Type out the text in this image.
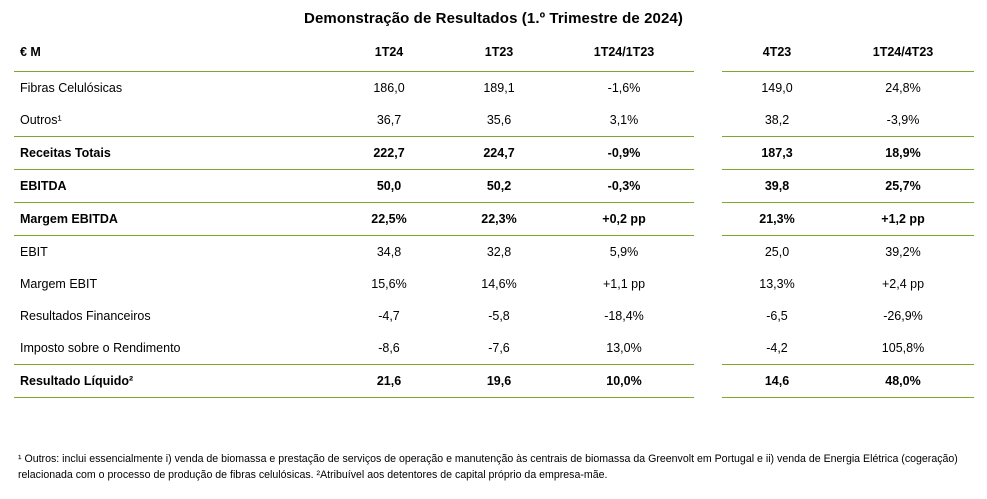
Demonstração de Resultados (1.º Trimestre de 2024)
€ M	1T24	1T23	1T24/1T23		4T23	1T24/4T23
Fibras Celulósicas	186,0	189,1	-1,6%		149,0	24,8%
Outros¹	36,7	35,6	3,1%		38,2	-3,9%
Receitas Totais	222,7	224,7	-0,9%		187,3	18,9%
EBITDA	50,0	50,2	-0,3%		39,8	25,7%
Margem EBITDA	22,5%	22,3%	+0,2 pp		21,3%	+1,2 pp
EBIT	34,8	32,8	5,9%		25,0	39,2%
Margem EBIT	15,6%	14,6%	+1,1 pp		13,3%	+2,4 pp
Resultados Financeiros	-4,7	-5,8	-18,4%		-6,5	-26,9%
Imposto sobre o Rendimento	-8,6	-7,6	13,0%		-4,2	105,8%
Resultado Líquido²	21,6	19,6	10,0%		14,6	48,0%
¹ Outros: inclui essencialmente i) venda de biomassa e prestação de serviços de operação e manutenção às centrais de biomassa da Greenvolt em Portugal e ii) venda de Energia Elétrica (cogeração) relacionada com o processo de produção de fibras celulósicas. ²Atribuível aos detentores de capital próprio da empresa-mãe.
